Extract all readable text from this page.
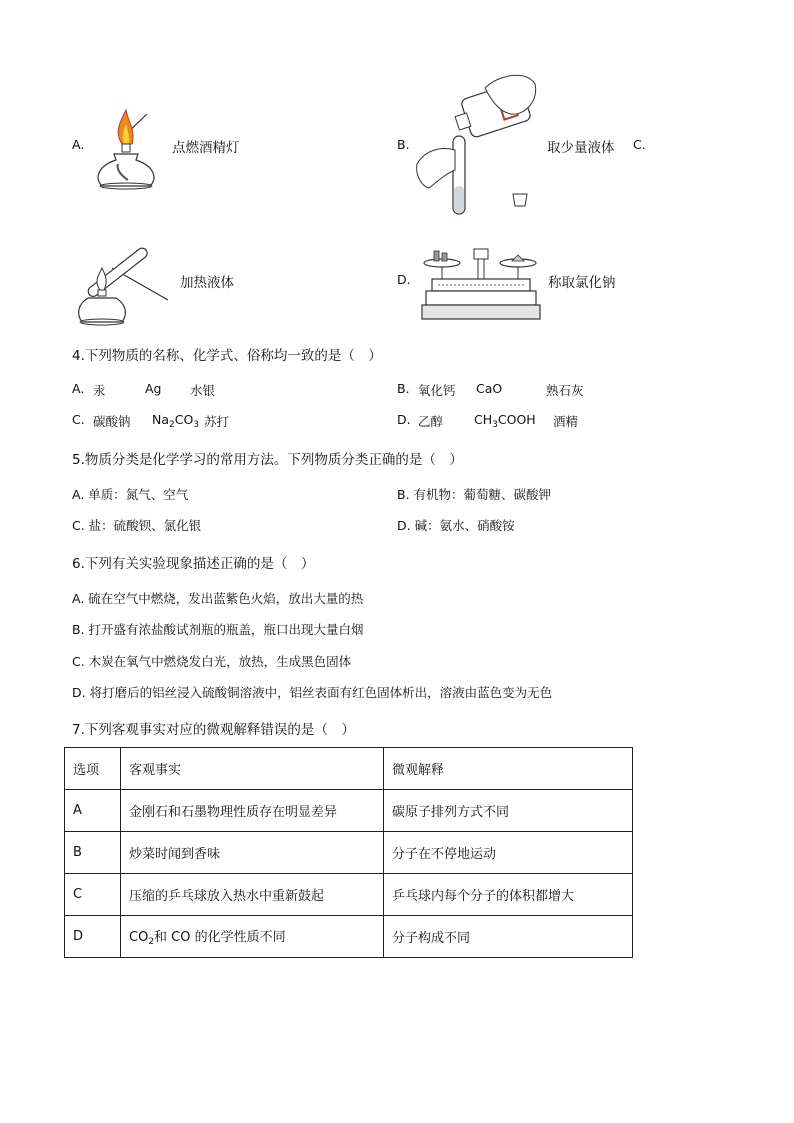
A.	点燃酒精灯	B.	取少量液体 C.
加热液体	D.	称取氯化钠
4.下列物质的名称、化学式、俗称均一致的是（　）
A. 汞	Ag 水银	B. 氧化钙 CaO	熟石灰
C. 碳酸钠 $Na_2CO_3$ 苏打	D. 乙醇 $CH_3COOH$ 酒精
5.物质分类是化学学习的常用方法。下列物质分类正确的是（　）
A. 单质：氮气、空气	B. 有机物：葡萄糖、碳酸钾
C. 盐：硫酸钡、氯化银	D. 碱：氨水、硝酸铵
6.下列有关实验现象描述正确的是（　）
A. 硫在空气中燃烧，发出蓝紫色火焰，放出大量的热
B. 打开盛有浓盐酸试剂瓶的瓶盖，瓶口出现大量白烟
C. 木炭在氧气中燃烧发白光，放热，生成黑色固体
D. 将打磨后的铝丝浸入硫酸铜溶液中，铝丝表面有红色固体析出，溶液由蓝色变为无色
7.下列客观事实对应的微观解释错误的是（　）
选项	客观事实	微观解释
A	金刚石和石墨物理性质存在明显差异	碳原子排列方式不同
B	炒菜时闻到香味	分子在不停地运动
C	压缩的乒乓球放入热水中重新鼓起	乒乓球内每个分子的体积都增大
D	$CO_2$和 CO 的化学性质不同	分子构成不同
